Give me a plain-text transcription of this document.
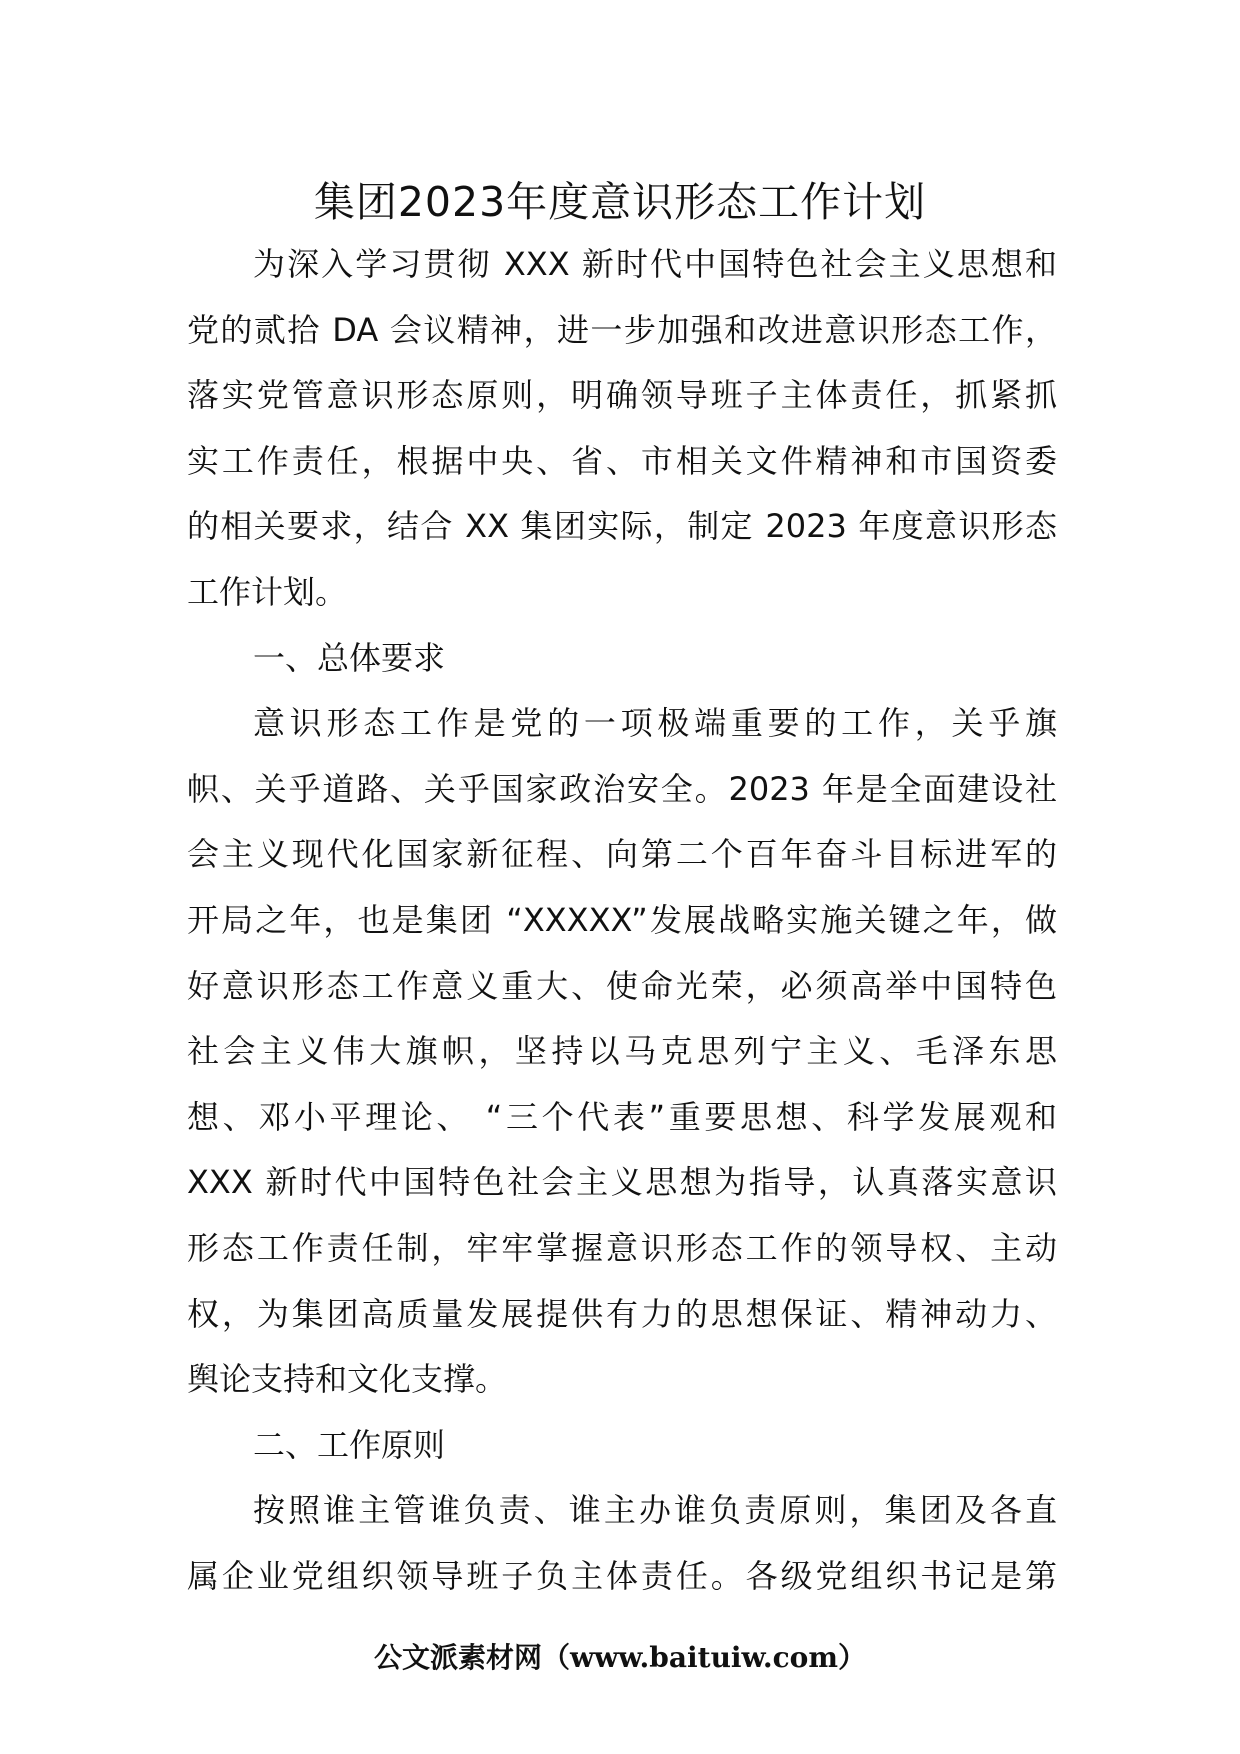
集团2023年度意识形态工作计划
为深入学习贯彻 XXX 新时代中国特色社会主义思想和
党的贰拾 DA 会议精神，进一步加强和改进意识形态工作，
落实党管意识形态原则，明确领导班子主体责任，抓紧抓
实工作责任，根据中央、省、市相关文件精神和市国资委
的相关要求，结合 XX 集团实际，制定 2023 年度意识形态
工作计划。
一、总体要求
意识形态工作是党的一项极端重要的工作，关乎旗
帜、关乎道路、关乎国家政治安全。2023 年是全面建设社
会主义现代化国家新征程、向第二个百年奋斗目标进军的
开局之年，也是集团 “XXXXX”发展战略实施关键之年，做
好意识形态工作意义重大、使命光荣，必须高举中国特色
社会主义伟大旗帜，坚持以马克思列宁主义、毛泽东思
想、邓小平理论、 “三个代表”重要思想、科学发展观和
XXX 新时代中国特色社会主义思想为指导，认真落实意识
形态工作责任制，牢牢掌握意识形态工作的领导权、主动
权，为集团高质量发展提供有力的思想保证、精神动力、
舆论支持和文化支撑。
二、工作原则
按照谁主管谁负责、谁主办谁负责原则，集团及各直
属企业党组织领导班子负主体责任。各级党组织书记是第
公文派素材网（www.baituiw.com）
